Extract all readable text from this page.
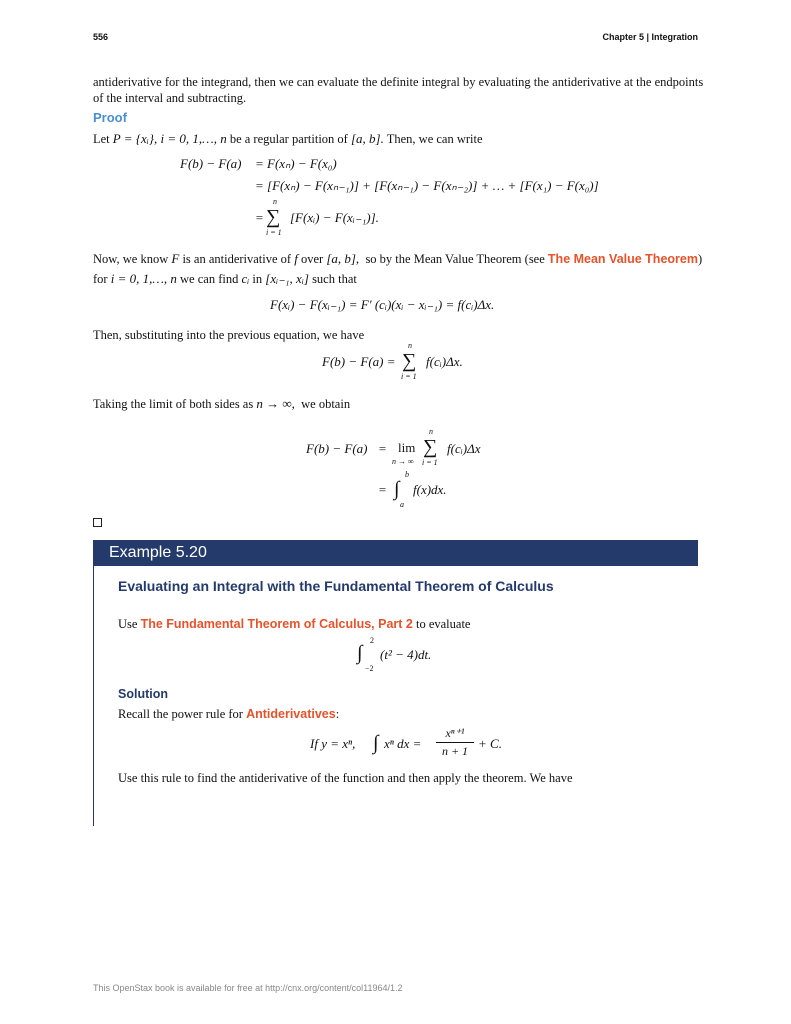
556	Chapter 5 | Integration
antiderivative for the integrand, then we can evaluate the definite integral by evaluating the antiderivative at the endpoints
of the interval and subtracting.
Proof
Let P = {xᵢ}, i = 0, 1,…, n be a regular partition of [a, b]. Then, we can write
F(b) − F(a) = F(xₙ) − F(x₀)
= [F(xₙ) − F(xₙ₋₁)] + [F(xₙ₋₁) − F(xₙ₋₂)] + … + [F(x₁) − F(x₀)]
=
n
∑
i = 1
[F(xᵢ) − F(xᵢ₋₁)].
Now, we know F is an antiderivative of f over [a, b], so by the Mean Value Theorem (see The Mean Value Theorem)
for i = 0, 1,…, n we can find cᵢ in [xᵢ₋₁, xᵢ] such that
F(xᵢ) − F(xᵢ₋₁) = F′ (cᵢ)(xᵢ − xᵢ₋₁) = f(cᵢ)Δx.
Then, substituting into the previous equation, we have
F(b) − F(a) =
n
∑
i = 1
f(cᵢ)Δx.
Taking the limit of both sides as n → ∞, we obtain
F(b) − F(a) = lim
n → ∞
n
∑
i = 1
f(cᵢ)Δx
= ∫
b
a
f(x)dx.
Example 5.20
Evaluating an Integral with the Fundamental Theorem of Calculus
Use The Fundamental Theorem of Calculus, Part 2 to evaluate
∫
2
−2
(t² − 4)dt.
Solution
Recall the power rule for Antiderivatives:
If y = xⁿ, ∫ xⁿ dx =
xⁿ⁺¹
n + 1 + C.
Use this rule to find the antiderivative of the function and then apply the theorem. We have
This OpenStax book is available for free at http://cnx.org/content/col11964/1.2
